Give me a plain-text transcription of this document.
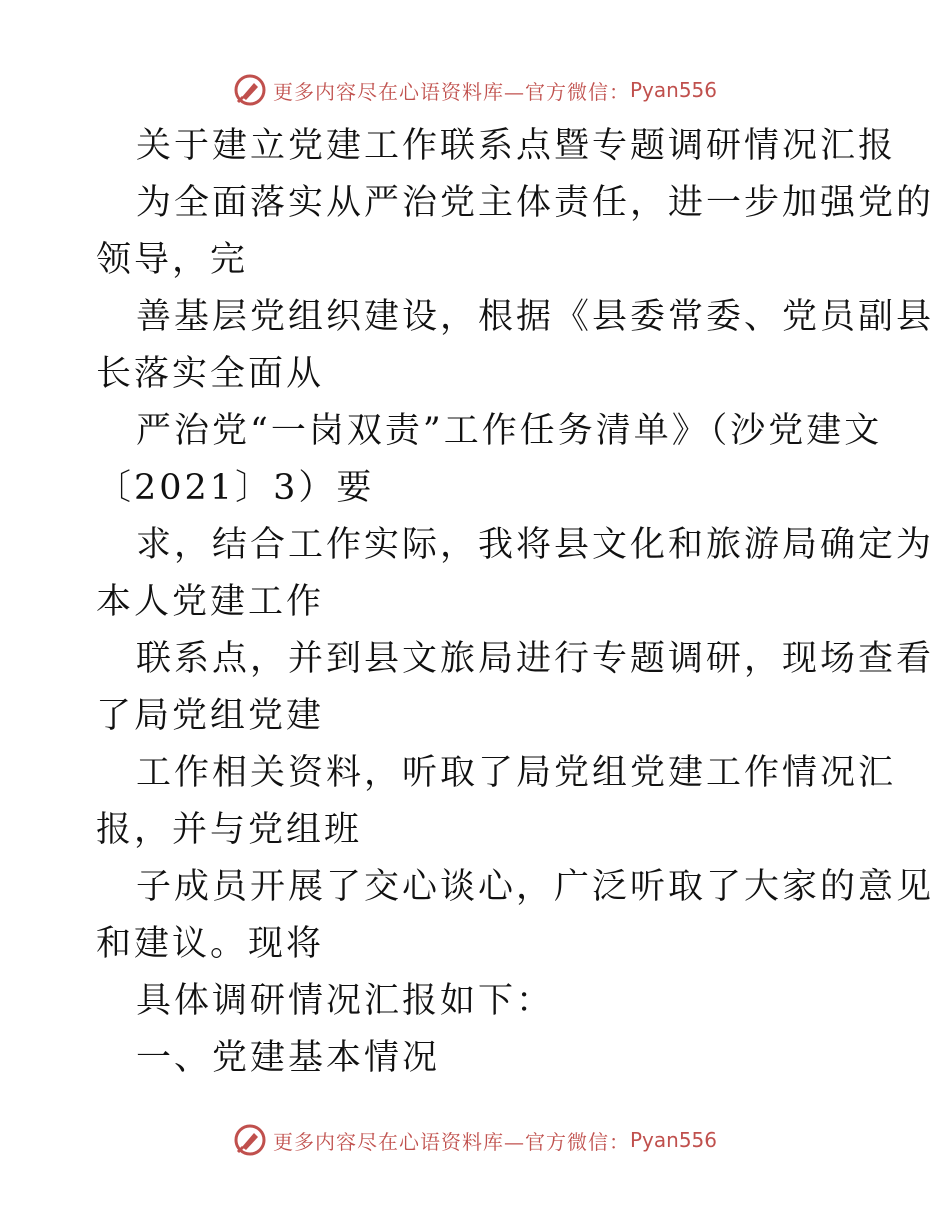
更多内容尽在心语资料库—官方微信： Pyan556
关于建立党建工作联系点暨专题调研情况汇报
为全面落实从严治党主体责任，进一步加强党的
领导，完
善基层党组织建设，根据《县委常委、党员副县
长落实全面从
严治党“一岗双责”工作任务清单》（沙党建文
〔2021〕3）要
求，结合工作实际，我将县文化和旅游局确定为
本人党建工作
联系点，并到县文旅局进行专题调研，现场查看
了局党组党建
工作相关资料，听取了局党组党建工作情况汇
报，并与党组班
子成员开展了交心谈心，广泛听取了大家的意见
和建议。现将
具体调研情况汇报如下：
一、党建基本情况
更多内容尽在心语资料库—官方微信： Pyan556
